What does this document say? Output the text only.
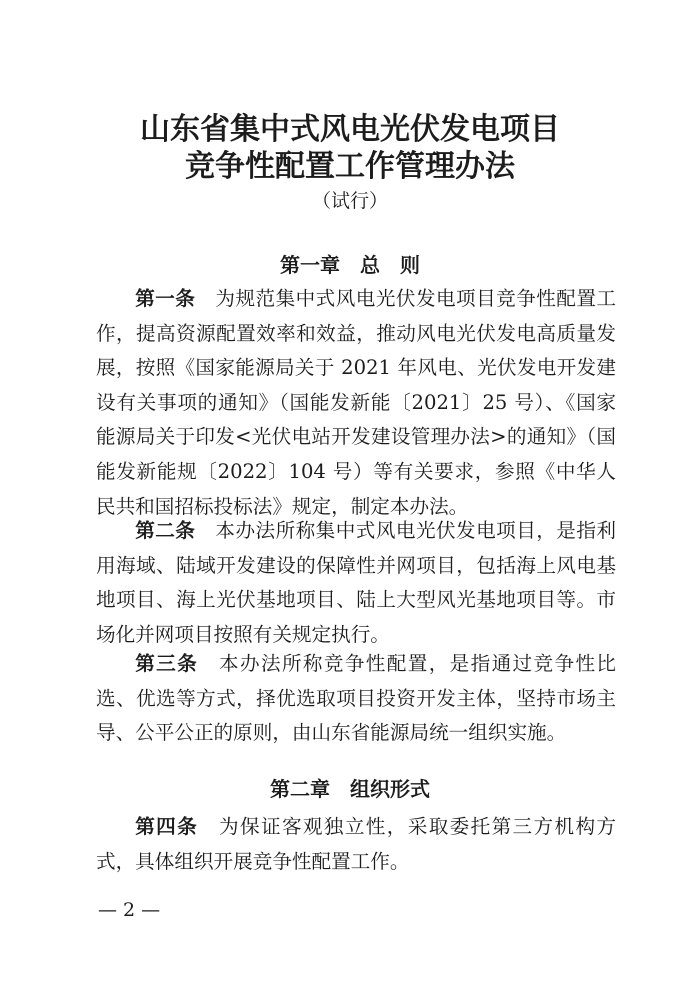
山东省集中式风电光伏发电项目
竞争性配置工作管理办法
（试行）
第一章　总　则

第一条　为规范集中式风电光伏发电项目竞争性配置工作，提高资源配置效率和效益，推动风电光伏发电高质量发展，按照《国家能源局关于 2021 年风电、光伏发电开发建设有关事项的通知》（国能发新能〔2021〕25 号）、《国家能源局关于印发<光伏电站开发建设管理办法>的通知》（国能发新能规〔2022〕104 号）等有关要求，参照《中华人民共和国招标投标法》规定，制定本办法。

第二条　本办法所称集中式风电光伏发电项目，是指利用海域、陆域开发建设的保障性并网项目，包括海上风电基地项目、海上光伏基地项目、陆上大型风光基地项目等。市场化并网项目按照有关规定执行。

第三条　本办法所称竞争性配置，是指通过竞争性比选、优选等方式，择优选取项目投资开发主体，坚持市场主导、公平公正的原则，由山东省能源局统一组织实施。

第二章　组织形式

第四条　为保证客观独立性，采取委托第三方机构方式，具体组织开展竞争性配置工作。

— 2 —
